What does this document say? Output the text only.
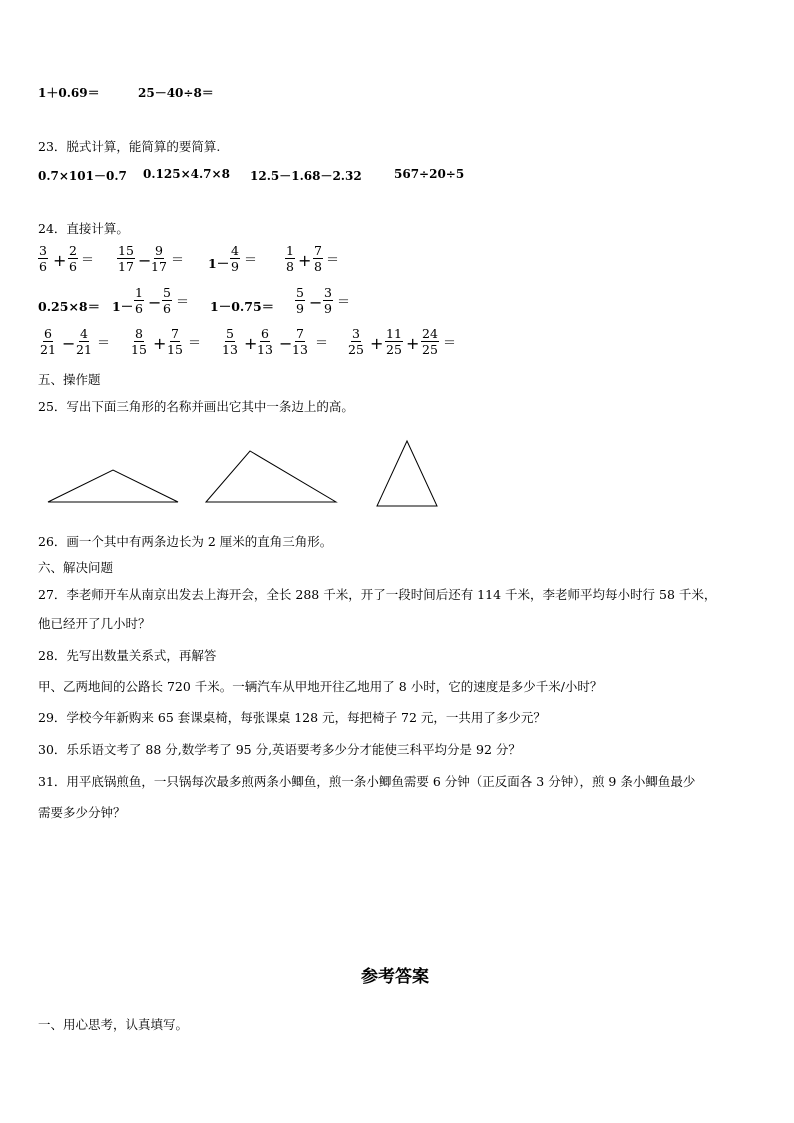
1＋0.69＝	25－40÷8＝
23．脱式计算，能简算的要简算.
0.7×101－0.7 0.125×4.7×8 12.5－1.68－2.32	567÷20÷5
24．直接计算。
$\frac{3}{6} + \frac{2}{6} = \frac{15}{17} - \frac{9}{17} = 1- \frac{4}{9} = \frac{1}{8} + \frac{7}{8}$ ＝
$0.25\times 8= 1- \frac{1}{6} - \frac{5}{6} = 1-0.75= \frac{5}{9} - \frac{3}{9}$ ＝
$\frac{6}{21} - \frac{4}{21} = \frac{8}{15} + \frac{7}{15} = \frac{5}{13} + \frac{6}{13} - \frac{7}{13} = \frac{3}{25} + \frac{11}{25} + \frac{24}{25}$ ＝
五、操作题
25．写出下面三角形的名称并画出它其中一条边上的高。
26．画一个其中有两条边长为 2 厘米的直角三角形。
六、解决问题
27．李老师开车从南京出发去上海开会，全长 288 千米，开了一段时间后还有 114 千米，李老师平均每小时行 58 千米，
他已经开了几小时？
28．先写出数量关系式，再解答
甲、乙两地间的公路长 720 千米。一辆汽车从甲地开往乙地用了 8 小时，它的速度是多少千米/小时？
29．学校今年新购来 65 套课桌椅，每张课桌 128 元，每把椅子 72 元，一共用了多少元？
30．乐乐语文考了 88 分,数学考了 95 分,英语要考多少分才能使三科平均分是 92 分？
31．用平底锅煎鱼，一只锅每次最多煎两条小鲫鱼，煎一条小鲫鱼需要 6 分钟（正反面各 3 分钟），煎 9 条小鲫鱼最少
需要多少分钟？
参考答案
一、用心思考，认真填写。
